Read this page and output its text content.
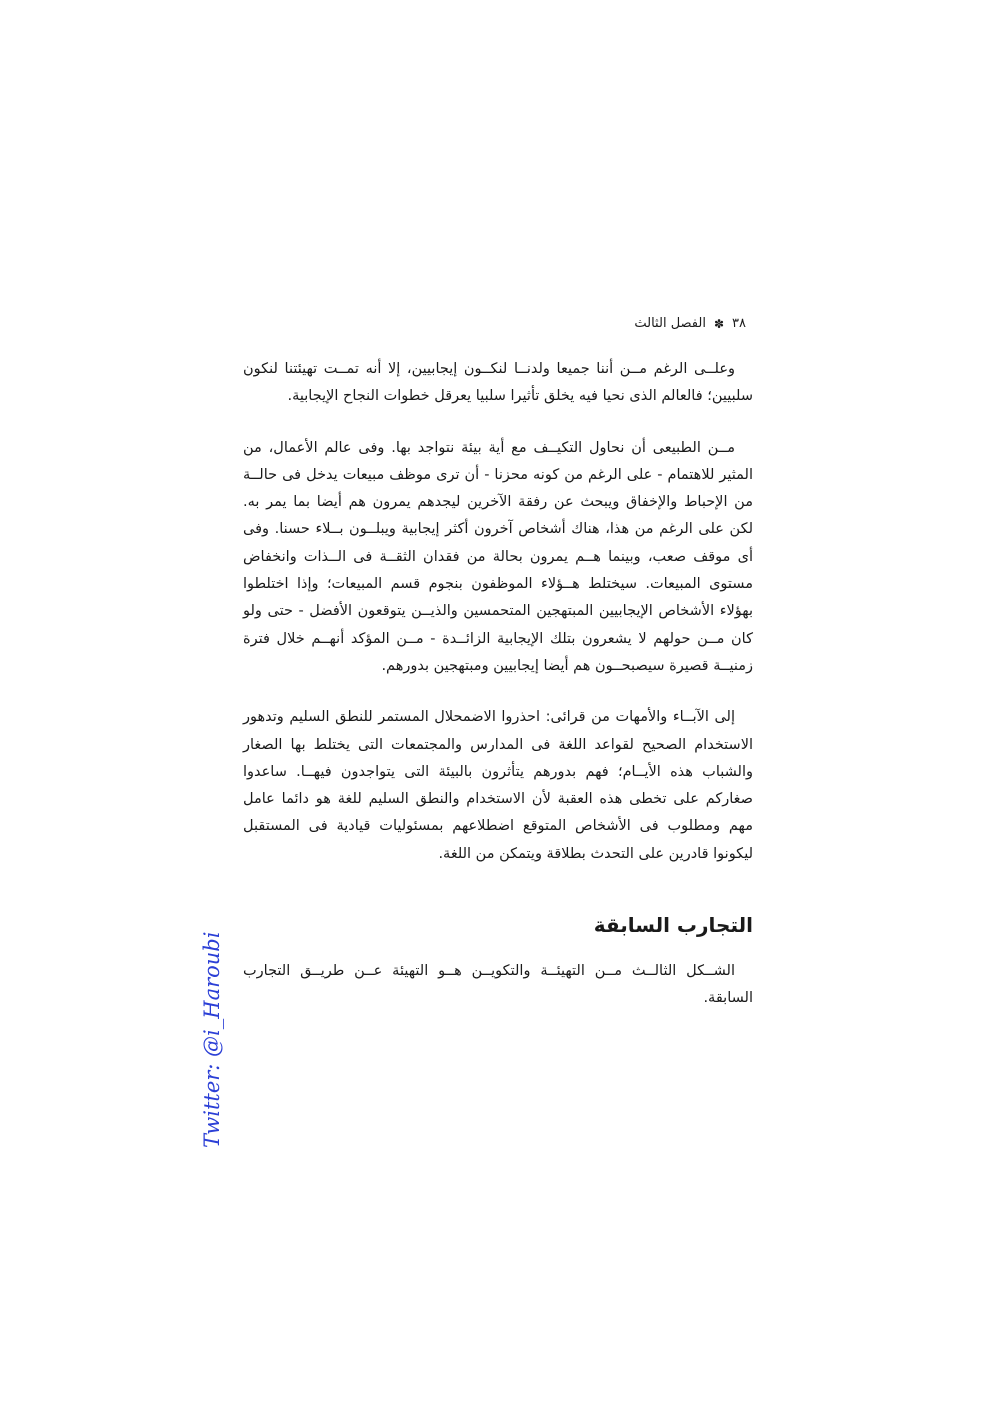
٣٨
✽
الفصل الثالث

وعلــى الرغم مــن أننا جميعا ولدنــا لنكــون إيجابيين، إلا أنه تمــت تهيئتنا لنكون سلبيين؛ فالعالم الذى نحيا فيه يخلق تأثيرا سلبيا يعرقل خطوات النجاح الإيجابية.

مــن الطبيعى أن نحاول التكيــف مع أية بيئة نتواجد بها. وفى عالم الأعمال، من المثير للاهتمام - على الرغم من كونه محزنا - أن ترى موظف مبيعات يدخل فى حالــة من الإحباط والإخفاق ويبحث عن رفقة الآخرين ليجدهم يمرون هم أيضا بما يمر به. لكن على الرغم من هذا، هناك أشخاص آخرون أكثر إيجابية ويبلــون بــلاء حسنا. وفى أى موقف صعب، وبينما هــم يمرون بحالة من فقدان الثقــة فى الــذات وانخفاض مستوى المبيعات. سيختلط هــؤلاء الموظفون بنجوم قسم المبيعات؛ وإذا اختلطوا بهؤلاء الأشخاص الإيجابيين المبتهجين المتحمسين والذيــن يتوقعون الأفضل - حتى ولو كان مــن حولهم لا يشعرون بتلك الإيجابية الزائــدة - مــن المؤكد أنهــم خلال فترة زمنيــة قصيرة سيصبحــون هم أيضا إيجابيين ومبتهجين بدورهم.

إلى الآبــاء والأمهات من قرائى: احذروا الاضمحلال المستمر للنطق السليم وتدهور الاستخدام الصحيح لقواعد اللغة فى المدارس والمجتمعات التى يختلط بها الصغار والشباب هذه الأيــام؛ فهم بدورهم يتأثرون بالبيئة التى يتواجدون فيهــا. ساعدوا صغاركم على تخطى هذه العقبة لأن الاستخدام والنطق السليم للغة هو دائما عامل مهم ومطلوب فى الأشخاص المتوقع اضطلاعهم بمسئوليات قيادية فى المستقبل ليكونوا قادرين على التحدث بطلاقة ويتمكن من اللغة.

التجارب السابقة

الشــكل الثالــث مــن التهيئــة والتكويــن هــو التهيئة عــن طريــق التجارب السابقة.

Twitter: @i_Haroubi
